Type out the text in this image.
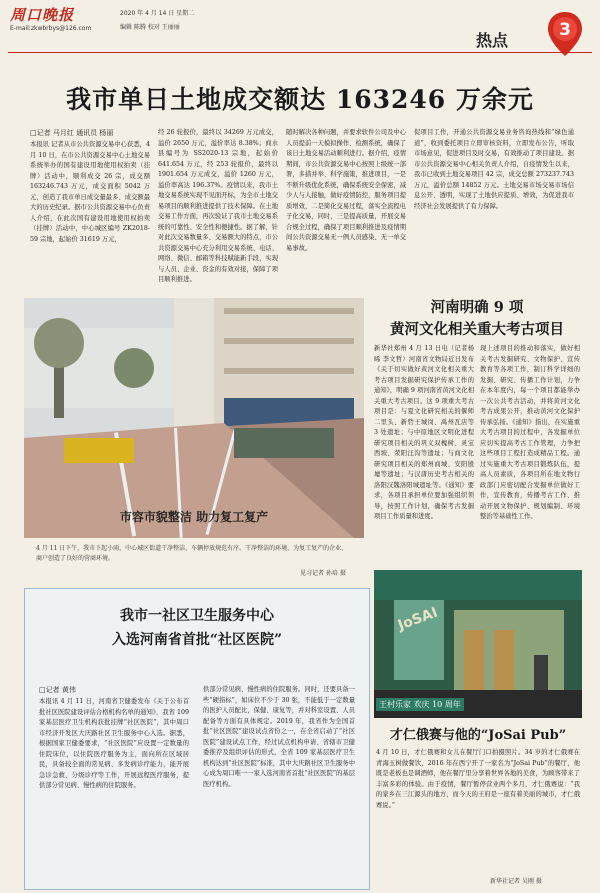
周口晚报
E-mail:zkwbrbys@126.com
2020 年 4 月 14 日 星期二
编辑 陈腾 校对 王丽丽
热点
3
我市单日土地成交额达 163246 万余元
□记者 马月红 通讯员 杨丽
本报讯 记者从市公共资源交易中心获悉，4 月 10 日，在市公共资源交易中心土地交易系统举办的国有建设用地使用权拍卖（挂牌）活动中，顺利成交 26 宗，成交额 163246.743 万元，成交面积 5042 万元，创造了我市单日成交量最多、成交额最大的历史纪录。据市公共资源交易中心负责人介绍，在此次国有建设用地使用权拍卖（挂牌）活动中，中心城区编号 ZK2018-59 宗地，起始价 31619 万元，
经 26 轮报价，最终以 34269 万元成交，溢价 2650 万元，溢价率达 8.38%；商水县编号为 SS2020-13 宗地，起始价 641.654 万元，经 253 轮报价，最终以 1901.654 万元成交，溢价 1260 万元，溢价率高达 196.37%。疫情以来，我市土地交易系统实现不见面开标，为全市土地交易项目的顺利推进提供了技术保障。在土地交易工作方面，再次验证了我市土地交易系统的可靠性、安全性和便捷性。据了解，针对此次交易数量多、交易额大的特点，市公共资源交易中心充分利用交易系统、电话、网络、微信、邮箱等科技赋能新手段，实现与人员、企业、资金的有效对接，保障了项目顺利推进。
随时解决各种问题，并要求软件公司及中心人员提前一天模拟操作、检测系统，确保了该日土地交易活动顺利进行。据介绍，疫情期间，市公共资源交易中心按照上级统一部署，多措并举、科学施策，推进项目，一是不断升级优化系统，确保系统安全保密，减少人与人接触，做好疫情防控，服务项目提质增效，二是简化交易过程，落实全流程电子化交易，同时，三是提高质量，开展交易合规全过程，确保了项目顺利推进及疫情期间公共资源交易无一例人员感染、无一单交易事故。
促项目工作，开通公共资源交易业务咨询热线和“绿色通道”，收到委托项目立即审核资料，立即发布公告，听取市场意见，促进项目及时交易，有效推动了项目建设。据市公共资源交易中心相关负责人介绍，自疫情发生以来，我市已收到土地交易项目 42 宗，成交总额 273237.743 万元，溢价总额 14852 万元。土地交易市场交易市场信息公开、透明，实现了土地供应提质、增效，为促进我市经济社会发展提供了有力保障。
市容市貌整洁 助力复工复产
4 月 11 日下午，我市下起小雨，中心城区街道干净整洁，车辆停放规范有序。干净整洁的环境，为复工复产的企业、商户创造了良好的营商环境。
见习记者 孙培 摄
河南明确 9 项
黄河文化相关重大考古项目
新华社郑州 4 月 13 日电（记者杨晞 李文哲）河南省文物局近日发布《关于切实做好黄河文化相关重大考古项目发掘研究保护传承工作的通知》，明确 9 项河南省黄河文化相关重大考古项目。这 9 项重大考古项目是：与夏文化研究相关的偃师二里头、新砦王城岗、禹州瓦店等 3 处遗址；与中原地区文明化进程研究项目相关的巩义双槐树、灵宝西坡、荥阳汪沟等遗址；与商文化研究项目相关的郑州商城、安阳殷墟等遗址；与汉唐历史考古相关的洛阳汉魏洛阳城遗址等。《通知》要求，各项目承担单位要加强组织领导，按照工作计划，确保考古发掘项目工作质量和进度。
现上述项目的推动和落实，做好相关考古发掘研究、文物保护、宣传教育等各项工作，制订科学详细的发掘、研究、传播工作计划，力争在本年度内，每一个项目都能举办一次公共考古活动，并将黄河文化考古成果公开，推动黄河文化保护传承弘扬。《通知》指出，在实施重大考古项目的过程中，各发掘单位应切实提高考古工作管理，力争把这些项目工程打造成精品工程。通过实施重大考古项目锻炼队伍，提高人员素质，各项目所在地文物行政部门应密切配合发掘单位做好工作，宣传教育，传播考古工作、推动开展文物保护、规划编制、环境整治等基础性工作。
我市一社区卫生服务中心
入选河南省首批“社区医院”
□记者 黄伟
本报讯 4 月 11 日，河南省卫健委发布《关于公布首批社区医院建设评估合格机构名单的通知》，我省 109 家基层医疗卫生机构获批挂牌“社区医院”，其中周口市经济开发区大庆路社区卫生服务中心入选。据悉，根据国家卫健委要求，“社区医院”应设置一定数量的住院床位，以住院医疗服务为主，面向所在区域居民，具备较全面的常见病、多发病诊疗能力，能开展急诊急救、分级诊疗等工作，开展远程医疗服务，提供部分常见病、慢性病的住院服务。
供部分常见病、慢性病的住院服务。同时，还要具备一些“硬指标”，如床位不少于 30 张，不能低于一定数量的医护人员配比，保健、康复等，并对科室设置、人员配备等方面有具体规定。2019 年，我省作为全国首批“社区医院”建设试点省份之一，在全省启动了“社区医院”建设试点工作，经过试点机构申请、省辖市卫健委推荐及组织评估的形式，全省 109 家基层医疗卫生机构达到“社区医院”标准，其中大庆路社区卫生服务中心成为周口唯一一家入选河南省首批“社区医院”的基层医疗机构。
JoSAI
王村乐家 欢庆 10 周年
才仁俄赛与他的“JoSai Pub”
4 月 10 日，才仁俄赛和女儿在餐厅门口拍摄照片。34 岁的才仁俄赛在青海玉树做餐饮，2016 年在西宁开了一家名为“JoSai Pub”的餐厅，他既是老板也是调酒师，他在餐厅里分享着世界各地的美食，为顾客带来了丰富多彩的体验。由于疫情，餐厅暂停营业两个多月，才仁俄赛说：“我的家乡在三江源头的地方，而今天的王府是一座有着美丽的城市，才仁俄赛说。”
新华社记者 吴刚 摄
